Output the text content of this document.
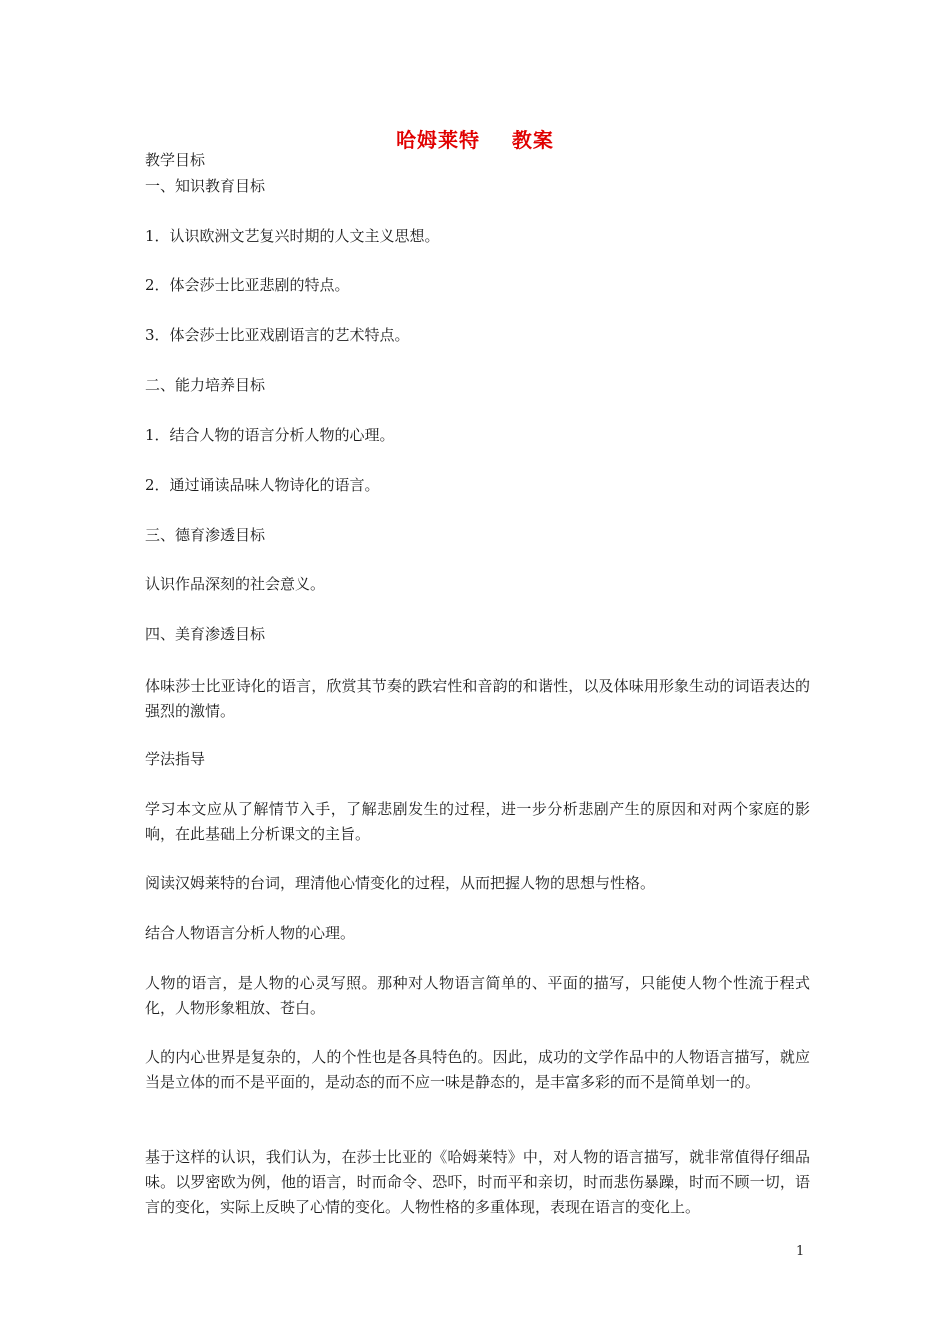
哈姆莱特    教案

教学目标

一、知识教育目标

1．认识欧洲文艺复兴时期的人文主义思想。

2．体会莎士比亚悲剧的特点。

3．体会莎士比亚戏剧语言的艺术特点。

二、能力培养目标

1．结合人物的语言分析人物的心理。

2．通过诵读品味人物诗化的语言。

三、德育渗透目标

认识作品深刻的社会意义。

四、美育渗透目标

体味莎士比亚诗化的语言，欣赏其节奏的跌宕性和音韵的和谐性，以及体味用形象生动的词语表达的强烈的激情。

学法指导

学习本文应从了解情节入手，了解悲剧发生的过程，进一步分析悲剧产生的原因和对两个家庭的影响，在此基础上分析课文的主旨。

阅读汉姆莱特的台词，理清他心情变化的过程，从而把握人物的思想与性格。

结合人物语言分析人物的心理。

人物的语言，是人物的心灵写照。那种对人物语言简单的、平面的描写，只能使人物个性流于程式化，人物形象粗放、苍白。

人的内心世界是复杂的，人的个性也是各具特色的。因此，成功的文学作品中的人物语言描写，就应当是立体的而不是平面的，是动态的而不应一味是静态的，是丰富多彩的而不是简单划一的。

基于这样的认识，我们认为，在莎士比亚的《哈姆莱特》中，对人物的语言描写，就非常值得仔细品味。以罗密欧为例，他的语言，时而命令、恐吓，时而平和亲切，时而悲伤暴躁，时而不顾一切，语言的变化，实际上反映了心情的变化。人物性格的多重体现，表现在语言的变化上。

1
